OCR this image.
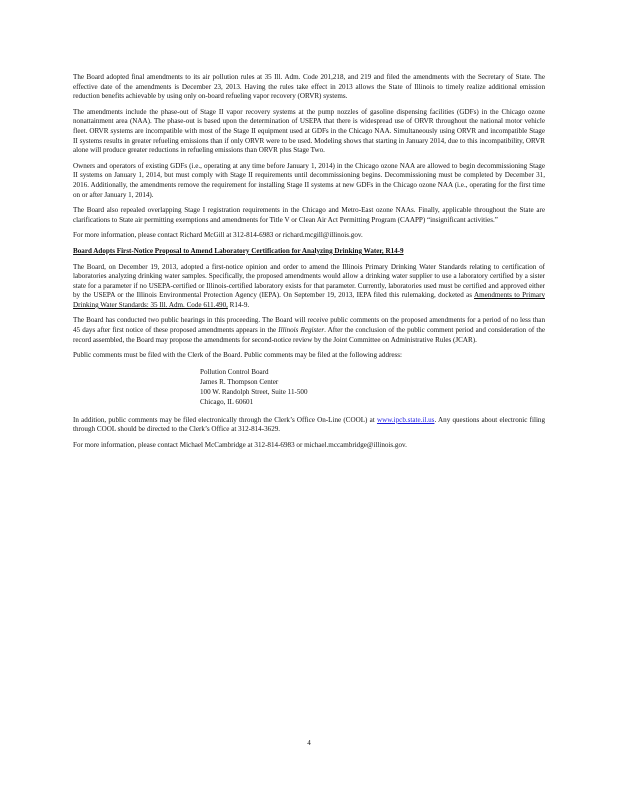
The Board adopted final amendments to its air pollution rules at 35 Ill. Adm. Code 201,218, and 219 and filed the amendments with the Secretary of State. The effective date of the amendments is December 23, 2013. Having the rules take effect in 2013 allows the State of Illinois to timely realize additional emission reduction benefits achievable by using only on-board refueling vapor recovery (ORVR) systems.

The amendments include the phase-out of Stage II vapor recovery systems at the pump nozzles of gasoline dispensing facilities (GDFs) in the Chicago ozone nonattainment area (NAA). The phase-out is based upon the determination of USEPA that there is widespread use of ORVR throughout the national motor vehicle fleet. ORVR systems are incompatible with most of the Stage II equipment used at GDFs in the Chicago NAA. Simultaneously using ORVR and incompatible Stage II systems results in greater refueling emissions than if only ORVR were to be used. Modeling shows that starting in January 2014, due to this incompatibility, ORVR alone will produce greater reductions in refueling emissions than ORVR plus Stage Two.

Owners and operators of existing GDFs (i.e., operating at any time before January 1, 2014) in the Chicago ozone NAA are allowed to begin decommissioning Stage II systems on January 1, 2014, but must comply with Stage II requirements until decommissioning begins. Decommissioning must be completed by December 31, 2016. Additionally, the amendments remove the requirement for installing Stage II systems at new GDFs in the Chicago ozone NAA (i.e., operating for the first time on or after January 1, 2014).

The Board also repealed overlapping Stage I registration requirements in the Chicago and Metro-East ozone NAAs. Finally, applicable throughout the State are clarifications to State air permitting exemptions and amendments for Title V or Clean Air Act Permitting Program (CAAPP) “insignificant activities.”

For more information, please contact Richard McGill at 312-814-6983 or richard.mcgill@illinois.gov.

Board Adopts First-Notice Proposal to Amend Laboratory Certification for Analyzing Drinking Water, R14-9

The Board, on December 19, 2013, adopted a first-notice opinion and order to amend the Illinois Primary Drinking Water Standards relating to certification of laboratories analyzing drinking water samples. Specifically, the proposed amendments would allow a drinking water supplier to use a laboratory certified by a sister state for a parameter if no USEPA-certified or Illinois-certified laboratory exists for that parameter. Currently, laboratories used must be certified and approved either by the USEPA or the Illinois Environmental Protection Agency (IEPA). On September 19, 2013, IEPA filed this rulemaking, docketed as Amendments to Primary Drinking Water Standards: 35 Ill. Adm. Code 611.490, R14-9.

The Board has conducted two public hearings in this proceeding. The Board will receive public comments on the proposed amendments for a period of no less than 45 days after first notice of these proposed amendments appears in the Illinois Register. After the conclusion of the public comment period and consideration of the record assembled, the Board may propose the amendments for second-notice review by the Joint Committee on Administrative Rules (JCAR).

Public comments must be filed with the Clerk of the Board. Public comments may be filed at the following address:

Pollution Control Board
James R. Thompson Center
100 W. Randolph Street, Suite 11-500
Chicago, IL 60601

In addition, public comments may be filed electronically through the Clerk’s Office On-Line (COOL) at www.ipcb.state.il.us. Any questions about electronic filing through COOL should be directed to the Clerk’s Office at 312-814-3629.

For more information, please contact Michael McCambridge at 312-814-6983 or michael.mccambridge@illinois.gov.

4
